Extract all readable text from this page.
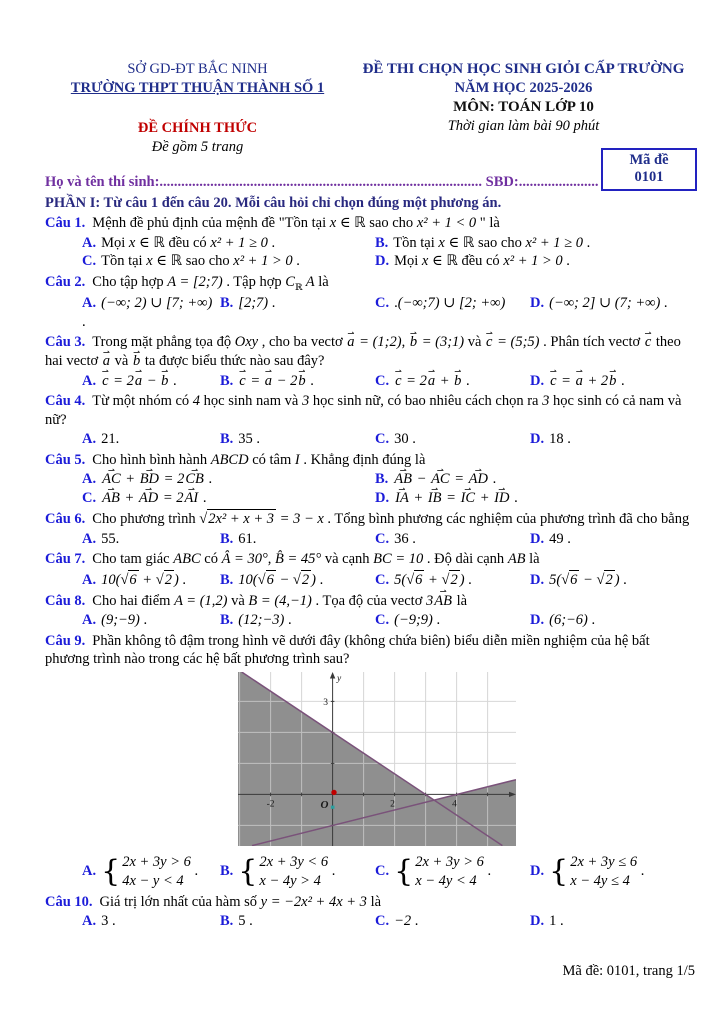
SỞ GD-ĐT BẮC NINH
TRƯỜNG THPT THUẬN THÀNH SỐ 1
ĐỀ CHÍNH THỨC
Đề gồm 5 trang
ĐỀ THI CHỌN HỌC SINH GIỎI CẤP TRƯỜNG
NĂM HỌC 2025-2026
MÔN: TOÁN LỚP 10
Thời gian làm bài 90 phút
Mã đề
0101
Họ và tên thí sinh:......................................................................................... SBD:......................
PHẦN I: Từ câu 1 đến câu 20. Mỗi câu hỏi chỉ chọn đúng một phương án.
Câu 1. Mệnh đề phủ định của mệnh đề "Tồn tại x ∈ ℝ sao cho x² + 1 < 0 " là
A. Mọi x ∈ ℝ đều có x² + 1 ≥ 0 .	B. Tồn tại x ∈ ℝ sao cho x² + 1 ≥ 0 .
C. Tồn tại x ∈ ℝ sao cho x² + 1 > 0 .	D. Mọi x ∈ ℝ đều có x² + 1 > 0 .
Câu 2. Cho tập hợp A = [2;7) . Tập hợp $C_ℝ$ A là
A. (−∞; 2) ∪ [7; +∞) .
B. [2;7) .	C. .(−∞;7) ∪ [2; +∞)	D. (−∞; 2] ∪ (7; +∞) .
Câu 3. Trong mặt phẳng tọa độ Oxy , cho ba vectơ a ⇀ = (1;2), b ⇀ = (3;1) và c ⇀ = (5;5) . Phân tích vectơ c ⇀ theo hai vectơ a ⇀ và b ⇀ ta được biểu thức nào sau đây?
A. c ⇀ = 2a ⇀ − b ⇀ .	B. c ⇀ = a ⇀ − 2b ⇀ .	C. c ⇀ = 2a ⇀ + b ⇀ .	D. c ⇀ = a ⇀ + 2b ⇀ .
Câu 4. Từ một nhóm có 4 học sinh nam và 3 học sinh nữ, có bao nhiêu cách chọn ra 3 học sinh có cả nam và nữ?
A. 21.	B. 35 .	C. 30 .	D. 18 .
Câu 5. Cho hình bình hành ABCD có tâm I . Khẳng định đúng là
A. AC ⇀ + BD ⇀ = 2CB ⇀ .	B. AB ⇀ − AC ⇀ = AD ⇀ .
C. AB ⇀ + AD ⇀ = 2AI ⇀ .	D. IA ⇀ + IB ⇀ = IC ⇀ + ID ⇀ .
Câu 6. Cho phương trình √ 2x² + x + 3 = 3 − x . Tổng bình phương các nghiệm của phương trình đã cho bằng
A. 55.	B. 61.	C. 36 .	D. 49 .
Câu 7. Cho tam giác ABC có Â = 30°, B̂ = 45° và cạnh BC = 10 . Độ dài cạnh AB là
A. 10( √ 6 + √ 2 ) .	B. 10( √ 6 − √ 2 ) .	C. 5( √ 6 + √ 2 ) .	D. 5( √ 6 − √ 2 ) .
Câu 8. Cho hai điểm A = (1,2) và B = (4,−1) . Tọa độ của vectơ 3AB ⇀ là
A. (9;−9) .	B. (12;−3) .	C. (−9;9) .	D. (6;−6) .
Câu 9. Phần không tô đậm trong hình vẽ dưới đây (không chứa biên) biểu diễn miền nghiệm của hệ bất phương trình nào trong các hệ bất phương trình sau?
y
3
-2	2	4
O
A. { 2x + 3y > 6
4x − y < 4
.	B. { 2x + 3y < 6
x − 4y > 4
.	C. { 2x + 3y > 6
x − 4y < 4
.	D. { 2x + 3y ≤ 6
x − 4y ≤ 4
.
Câu 10. Giá trị lớn nhất của hàm số y = −2x² + 4x + 3 là
A. 3 .	B. 5 .	C. −2 .	D. 1 .
Mã đề: 0101, trang 1/5
